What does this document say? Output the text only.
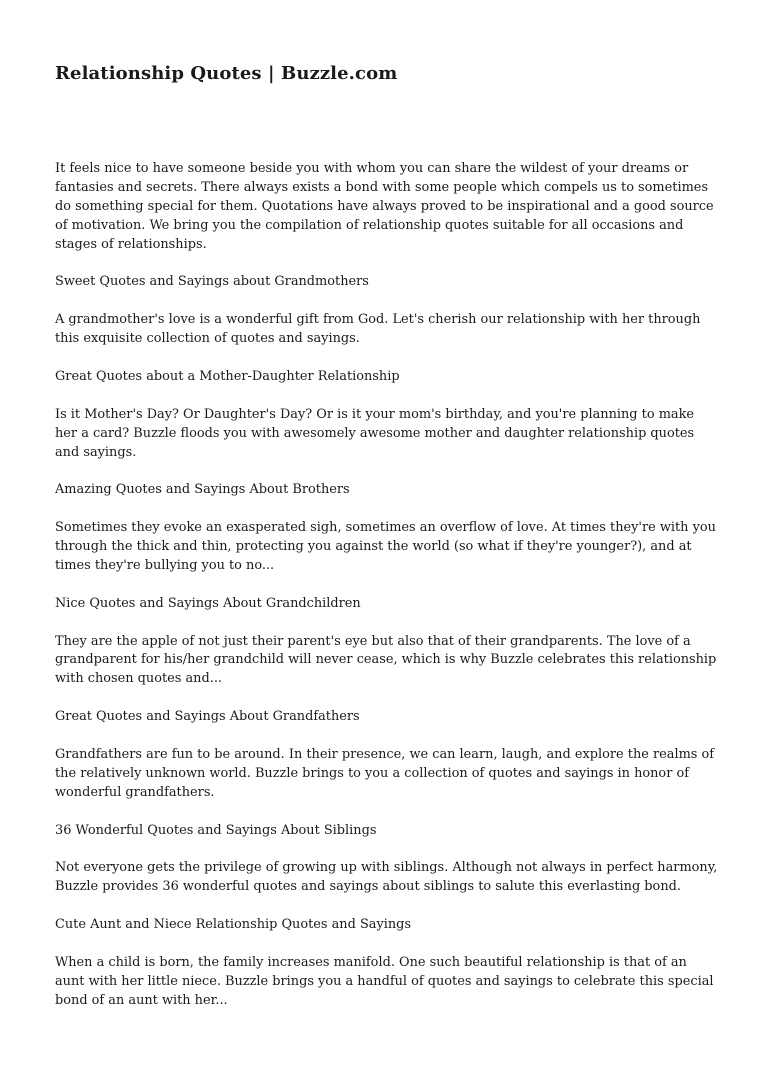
Relationship Quotes | Buzzle.com

It feels nice to have someone beside you with whom you can share the wildest of your dreams or fantasies and secrets. There always exists a bond with some people which compels us to sometimes do something special for them. Quotations have always proved to be inspirational and a good source of motivation. We bring you the compilation of relationship quotes suitable for all occasions and stages of relationships.

Sweet Quotes and Sayings about Grandmothers

A grandmother's love is a wonderful gift from God. Let's cherish our relationship with her through this exquisite collection of quotes and sayings.

Great Quotes about a Mother-Daughter Relationship

Is it Mother's Day? Or Daughter's Day? Or is it your mom's birthday, and you're planning to make her a card? Buzzle floods you with awesomely awesome mother and daughter relationship quotes and sayings.

Amazing Quotes and Sayings About Brothers

Sometimes they evoke an exasperated sigh, sometimes an overflow of love. At times they're with you through the thick and thin, protecting you against the world (so what if they're younger?), and at times they're bullying you to no...

Nice Quotes and Sayings About Grandchildren

They are the apple of not just their parent's eye but also that of their grandparents. The love of a grandparent for his/her grandchild will never cease, which is why Buzzle celebrates this relationship with chosen quotes and...

Great Quotes and Sayings About Grandfathers

Grandfathers are fun to be around. In their presence, we can learn, laugh, and explore the realms of the relatively unknown world. Buzzle brings to you a collection of quotes and sayings in honor of wonderful grandfathers.

36 Wonderful Quotes and Sayings About Siblings

Not everyone gets the privilege of growing up with siblings. Although not always in perfect harmony, Buzzle provides 36 wonderful quotes and sayings about siblings to salute this everlasting bond.

Cute Aunt and Niece Relationship Quotes and Sayings

When a child is born, the family increases manifold. One such beautiful relationship is that of an aunt with her little niece. Buzzle brings you a handful of quotes and sayings to celebrate this special bond of an aunt with her...
